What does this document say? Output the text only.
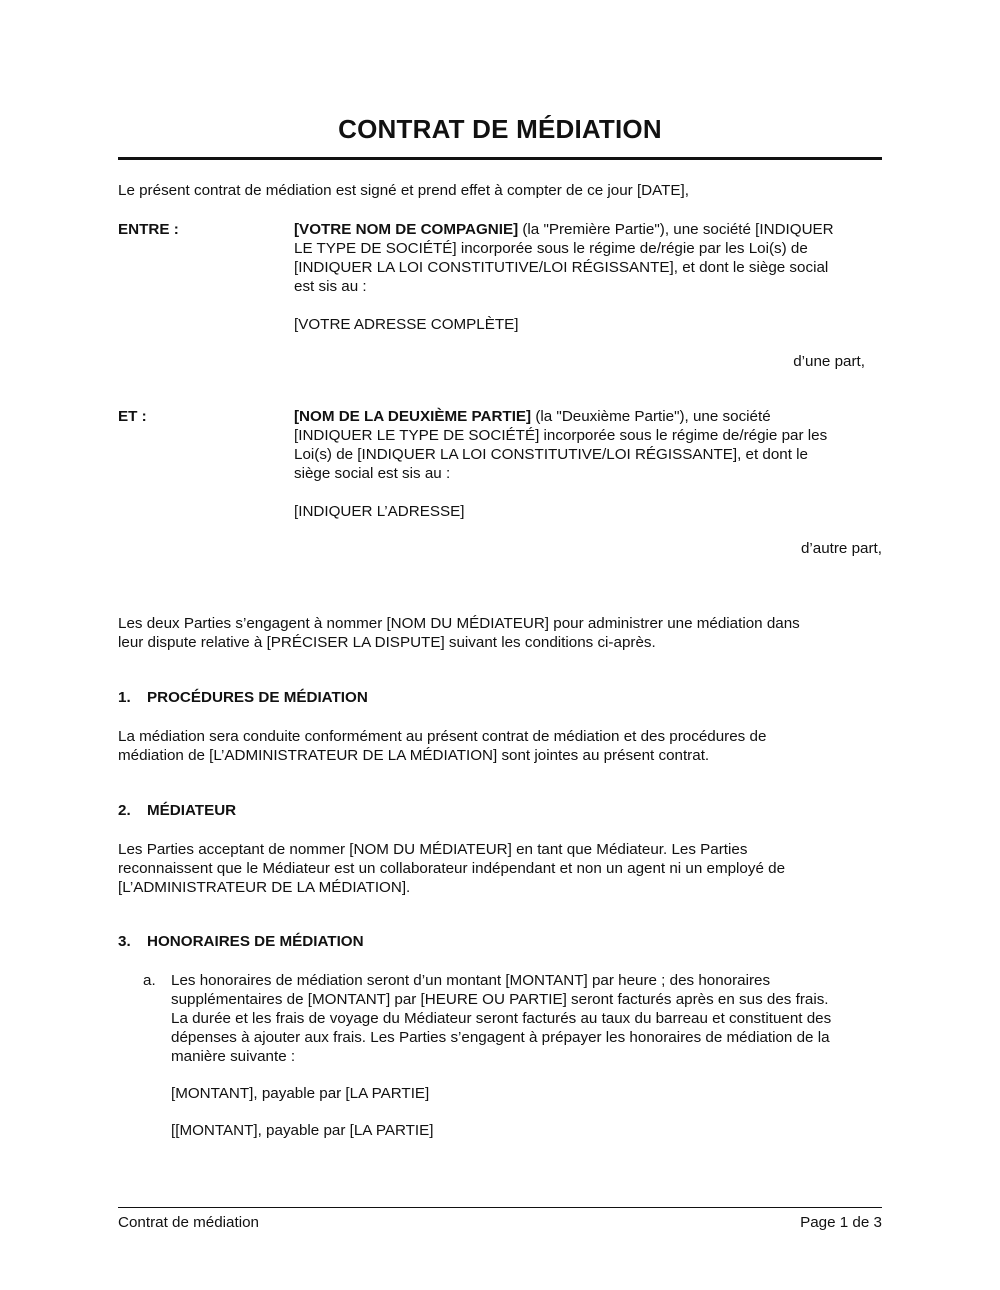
CONTRAT DE MÉDIATION
Le présent contrat de médiation est signé et prend effet à compter de ce jour [DATE],
ENTRE :	[VOTRE NOM DE COMPAGNIE] (la "Première Partie"), une société [INDIQUER
LE TYPE DE SOCIÉTÉ] incorporée sous le régime de/régie par les Loi(s) de
[INDIQUER LA LOI CONSTITUTIVE/LOI RÉGISSANTE], et dont le siège social
est sis au :
[VOTRE ADRESSE COMPLÈTE]
d’une part,
ET :	[NOM DE LA DEUXIÈME PARTIE] (la "Deuxième Partie"), une société
[INDIQUER LE TYPE DE SOCIÉTÉ] incorporée sous le régime de/régie par les
Loi(s) de [INDIQUER LA LOI CONSTITUTIVE/LOI RÉGISSANTE], et dont le
siège social est sis au :
[INDIQUER L’ADRESSE]
d’autre part,
Les deux Parties s’engagent à nommer [NOM DU MÉDIATEUR] pour administrer une médiation dans
leur dispute relative à [PRÉCISER LA DISPUTE] suivant les conditions ci-après.
1. PROCÉDURES DE MÉDIATION
La médiation sera conduite conformément au présent contrat de médiation et des procédures de
médiation de [L’ADMINISTRATEUR DE LA MÉDIATION] sont jointes au présent contrat.
2. MÉDIATEUR
Les Parties acceptant de nommer [NOM DU MÉDIATEUR] en tant que Médiateur. Les Parties
reconnaissent que le Médiateur est un collaborateur indépendant et non un agent ni un employé de
[L’ADMINISTRATEUR DE LA MÉDIATION].
3. HONORAIRES DE MÉDIATION
a.	Les honoraires de médiation seront d’un montant [MONTANT] par heure ; des honoraires
supplémentaires de [MONTANT] par [HEURE OU PARTIE] seront facturés après en sus des frais.
La durée et les frais de voyage du Médiateur seront facturés au taux du barreau et constituent des
dépenses à ajouter aux frais. Les Parties s’engagent à prépayer les honoraires de médiation de la
manière suivante :
[MONTANT], payable par [LA PARTIE]
[[MONTANT], payable par [LA PARTIE]
Contrat de médiation	Page 1 de 3
